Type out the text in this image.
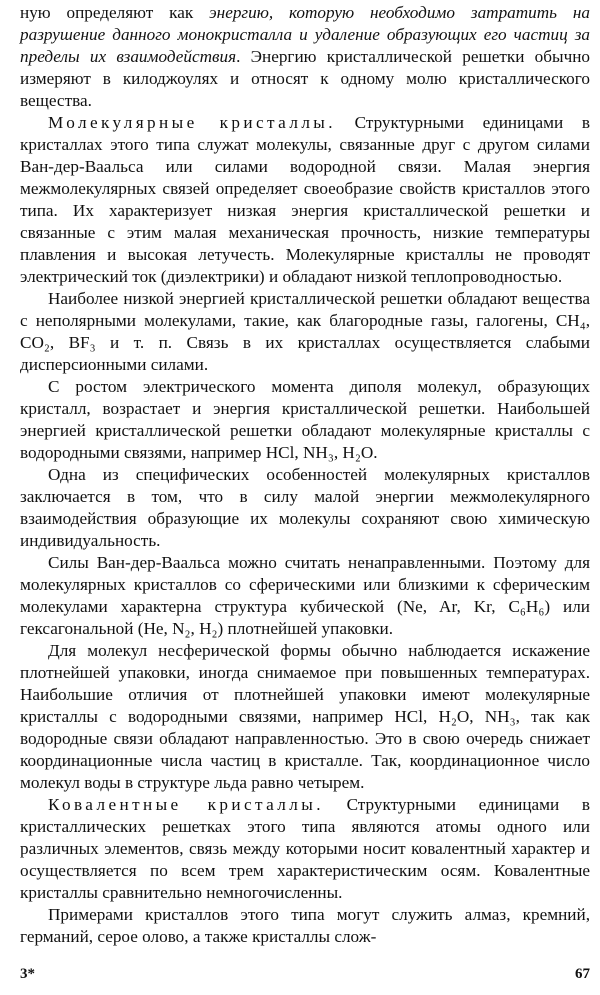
ную определяют как энергию, которую необходимо затратить на разрушение данного монокристалла и удаление образующих его частиц за пределы их взаимодействия. Энергию кристаллической решетки обычно измеряют в килоджоулях и относят к одному молю кристаллического вещества.

Молекулярные кристаллы. Структурными единицами в кристаллах этого типа служат молекулы, связанные друг с другом силами Ван-дер-Ваальса или силами водородной связи. Малая энергия межмолекулярных связей определяет своеобразие свойств кристаллов этого типа. Их характеризует низкая энергия кристаллической решетки и связанные с этим малая механическая прочность, низкие температуры плавления и высокая летучесть. Молекулярные кристаллы не проводят электрический ток (диэлектрики) и обладают низкой теплопроводностью.

Наиболее низкой энергией кристаллической решетки обладают вещества с неполярными молекулами, такие, как благородные газы, галогены, CH₄, CO₂, BF₃ и т. п. Связь в их кристаллах осуществляется слабыми дисперсионными силами.

С ростом электрического момента диполя молекул, образующих кристалл, возрастает и энергия кристаллической решетки. Наибольшей энергией кристаллической решетки обладают молекулярные кристаллы с водородными связями, например HCl, NH₃, H₂O.

Одна из специфических особенностей молекулярных кристаллов заключается в том, что в силу малой энергии межмолекулярного взаимодействия образующие их молекулы сохраняют свою химическую индивидуальность.

Силы Ван-дер-Ваальса можно считать ненаправленными. Поэтому для молекулярных кристаллов со сферическими или близкими к сферическим молекулами характерна структура кубической (Ne, Ar, Kr, C₆H₆) или гексагональной (He, N₂, H₂) плотнейшей упаковки.

Для молекул несферической формы обычно наблюдается искажение плотнейшей упаковки, иногда снимаемое при повышенных температурах. Наибольшие отличия от плотнейшей упаковки имеют молекулярные кристаллы с водородными связями, например HCl, H₂O, NH₃, так как водородные связи обладают направленностью. Это в свою очередь снижает координационные числа частиц в кристалле. Так, координационное число молекул воды в структуре льда равно четырем.

Ковалентные кристаллы. Структурными единицами в кристаллических решетках этого типа являются атомы одного или различных элементов, связь между которыми носит ковалентный характер и осуществляется по всем трем характеристическим осям. Ковалентные кристаллы сравнительно немногочисленны.

Примерами кристаллов этого типа могут служить алмаз, кремний, германий, серое олово, а также кристаллы слож-

3*	67
